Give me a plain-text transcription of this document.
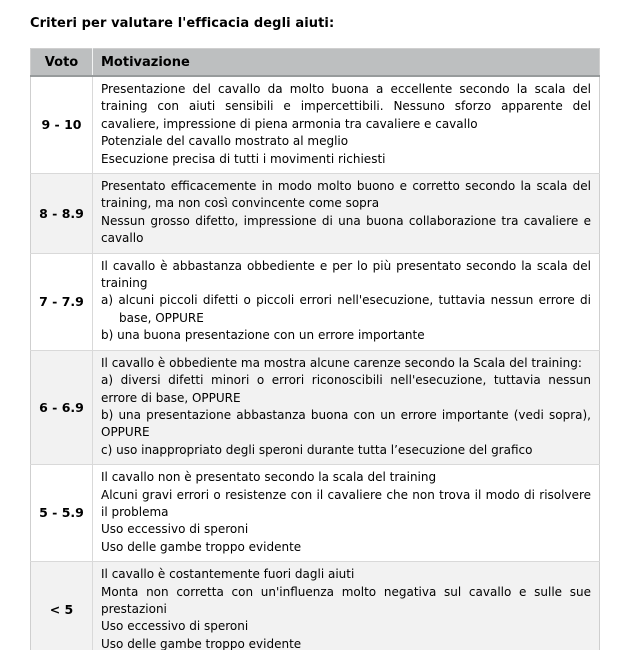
Criteri per valutare l'efficacia degli aiuti:

Voto	Motivazione
9 - 10	Presentazione del cavallo da molto buona a eccellente secondo la scala del training con aiuti sensibili e impercettibili. Nessuno sforzo apparente del cavaliere, impressione di piena armonia tra cavaliere e cavallo

Potenziale del cavallo mostrato al meglio

Esecuzione precisa di tutti i movimenti richiesti

8 - 8.9	Presentato efficacemente in modo molto buono e corretto secondo la scala del training, ma non così convincente come sopra

Nessun grosso difetto, impressione di una buona collaborazione tra cavaliere e cavallo

7 - 7.9	Il cavallo è abbastanza obbediente e per lo più presentato secondo la scala del training

a) alcuni piccoli difetti o piccoli errori nell'esecuzione, tuttavia nessun errore di base, OPPURE

b) una buona presentazione con un errore importante

6 - 6.9	Il cavallo è obbediente ma mostra alcune carenze secondo la Scala del training:

a) diversi difetti minori o errori riconoscibili nell'esecuzione, tuttavia nessun errore di base, OPPURE

b) una presentazione abbastanza buona con un errore importante (vedi sopra), OPPURE

c) uso inappropriato degli speroni durante tutta l’esecuzione del grafico

5 - 5.9	Il cavallo non è presentato secondo la scala del training

Alcuni gravi errori o resistenze con il cavaliere che non trova il modo di risolvere il problema

Uso eccessivo di speroni

Uso delle gambe troppo evidente

< 5	Il cavallo è costantemente fuori dagli aiuti

Monta non corretta con un'influenza molto negativa sul cavallo e sulle sue prestazioni

Uso eccessivo di speroni

Uso delle gambe troppo evidente
